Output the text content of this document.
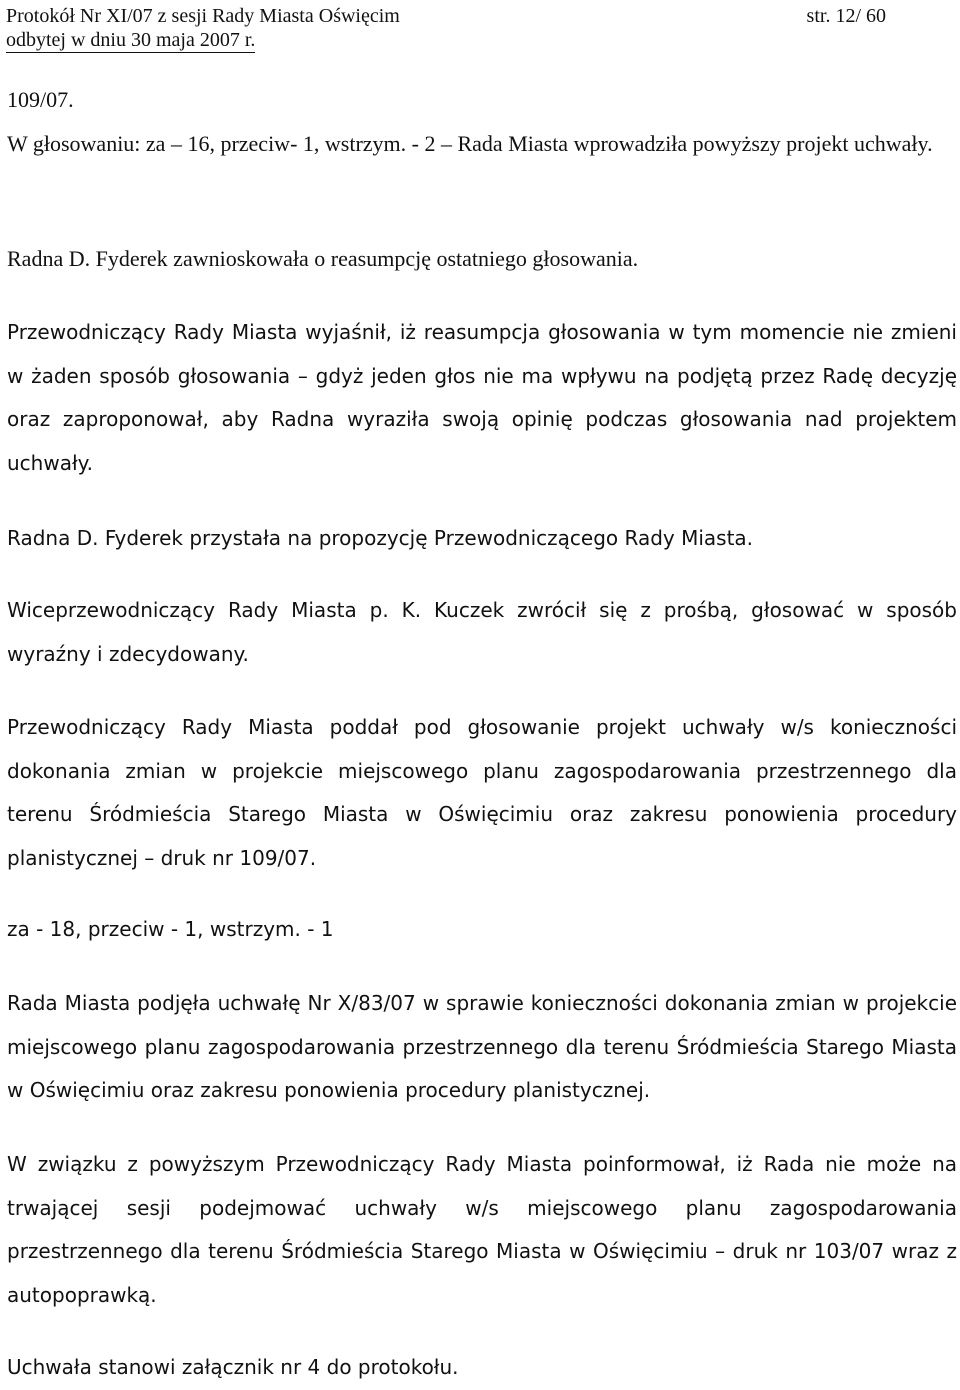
Protokół Nr XI/07 z sesji Rady Miasta Oświęcim	str. 12/ 60
odbytej w dniu 30 maja 2007 r.

109/07.

W głosowaniu: za – 16, przeciw- 1, wstrzym. - 2 – Rada Miasta wprowadziła powyższy projekt uchwały.

Radna D. Fyderek zawnioskowała o reasumpcję ostatniego głosowania.

Przewodniczący Rady Miasta wyjaśnił, iż reasumpcja głosowania w tym momencie nie zmieni w żaden sposób głosowania – gdyż jeden głos nie ma wpływu na podjętą przez Radę decyzję oraz zaproponował, aby Radna wyraziła swoją opinię podczas głosowania nad projektem uchwały.

Radna D. Fyderek przystała na propozycję Przewodniczącego Rady Miasta.

Wiceprzewodniczący Rady Miasta p. K. Kuczek zwrócił się z prośbą, głosować w sposób wyraźny i zdecydowany.

Przewodniczący Rady Miasta poddał pod głosowanie projekt uchwały w/s konieczności dokonania zmian w projekcie miejscowego planu zagospodarowania przestrzennego dla terenu Śródmieścia Starego Miasta w Oświęcimiu oraz zakresu ponowienia procedury planistycznej – druk nr 109/07.

za - 18, przeciw - 1, wstrzym. - 1

Rada Miasta podjęła uchwałę Nr X/83/07 w sprawie konieczności dokonania zmian w projekcie miejscowego planu zagospodarowania przestrzennego dla terenu Śródmieścia Starego Miasta w Oświęcimiu oraz zakresu ponowienia procedury planistycznej.

W związku z powyższym Przewodniczący Rady Miasta poinformował, iż Rada nie może na trwającej sesji podejmować uchwały w/s miejscowego planu zagospodarowania przestrzennego dla terenu Śródmieścia Starego Miasta w Oświęcimiu – druk nr 103/07 wraz z autopoprawką.

Uchwała stanowi załącznik nr 4 do protokołu.
